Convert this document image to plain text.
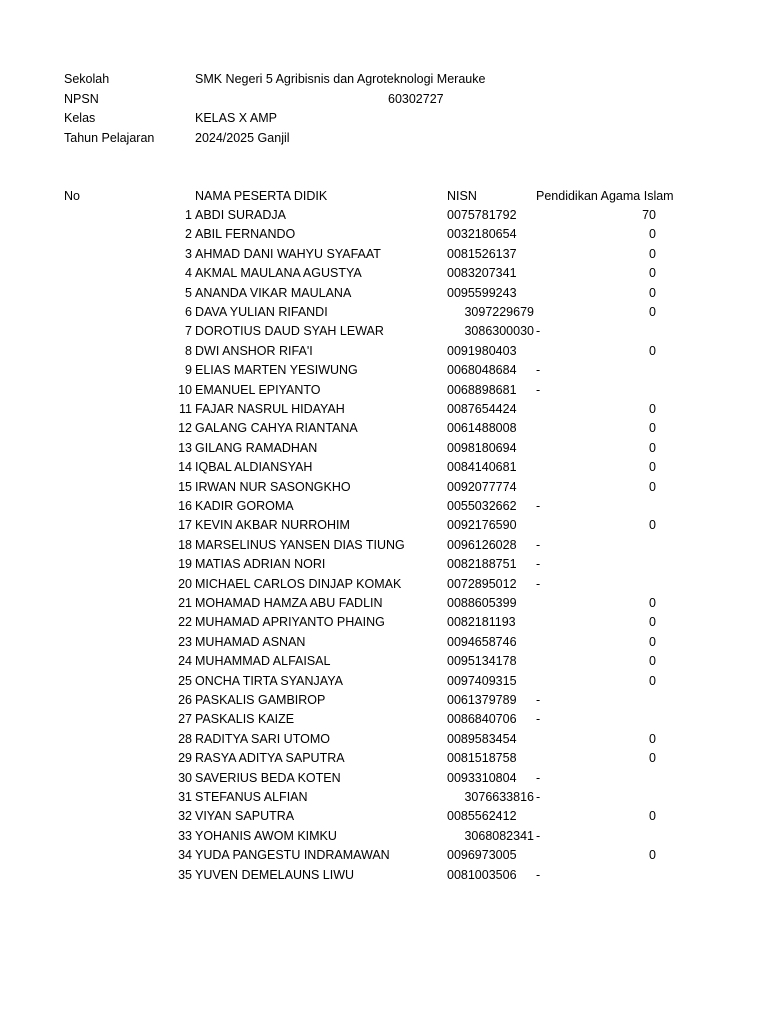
Sekolah	SMK Negeri 5 Agribisnis dan Agroteknologi Merauke
NPSN	60302727
Kelas	KELAS X AMP
Tahun Pelajaran	2024/2025 Ganjil
No	NAMA PESERTA DIDIK	NISN	Pendidikan Agama Islam
1 ABDI SURADJA	0075781792	70
2 ABIL FERNANDO	0032180654	0
3 AHMAD DANI WAHYU SYAFAAT	0081526137	0
4 AKMAL MAULANA AGUSTYA	0083207341	0
5 ANANDA VIKAR MAULANA	0095599243	0
6 DAVA YULIAN RIFANDI	3097229679	0
7 DOROTIUS DAUD SYAH LEWAR	3086300030 -
8 DWI ANSHOR RIFA'I	0091980403	0
9 ELIAS MARTEN YESIWUNG	0068048684	-
10 EMANUEL EPIYANTO	0068898681	-
11 FAJAR NASRUL HIDAYAH	0087654424	0
12 GALANG CAHYA RIANTANA	0061488008	0
13 GILANG RAMADHAN	0098180694	0
14 IQBAL ALDIANSYAH	0084140681	0
15 IRWAN NUR SASONGKHO	0092077774	0
16 KADIR GOROMA	0055032662	-
17 KEVIN AKBAR NURROHIM	0092176590	0
18 MARSELINUS YANSEN DIAS TIUNG	0096126028	-
19 MATIAS ADRIAN NORI	0082188751	-
20 MICHAEL CARLOS DINJAP KOMAK	0072895012	-
21 MOHAMAD HAMZA ABU FADLIN	0088605399	0
22 MUHAMAD APRIYANTO PHAING	0082181193	0
23 MUHAMAD ASNAN	0094658746	0
24 MUHAMMAD ALFAISAL	0095134178	0
25 ONCHA TIRTA SYANJAYA	0097409315	0
26 PASKALIS GAMBIROP	0061379789	-
27 PASKALIS KAIZE	0086840706	-
28 RADITYA SARI UTOMO	0089583454	0
29 RASYA ADITYA SAPUTRA	0081518758	0
30 SAVERIUS BEDA KOTEN	0093310804	-
31 STEFANUS ALFIAN	3076633816 -
32 VIYAN SAPUTRA	0085562412	0
33 YOHANIS AWOM KIMKU	3068082341 -
34 YUDA PANGESTU INDRAMAWAN	0096973005	0
35 YUVEN DEMELAUNS LIWU	0081003506	-
